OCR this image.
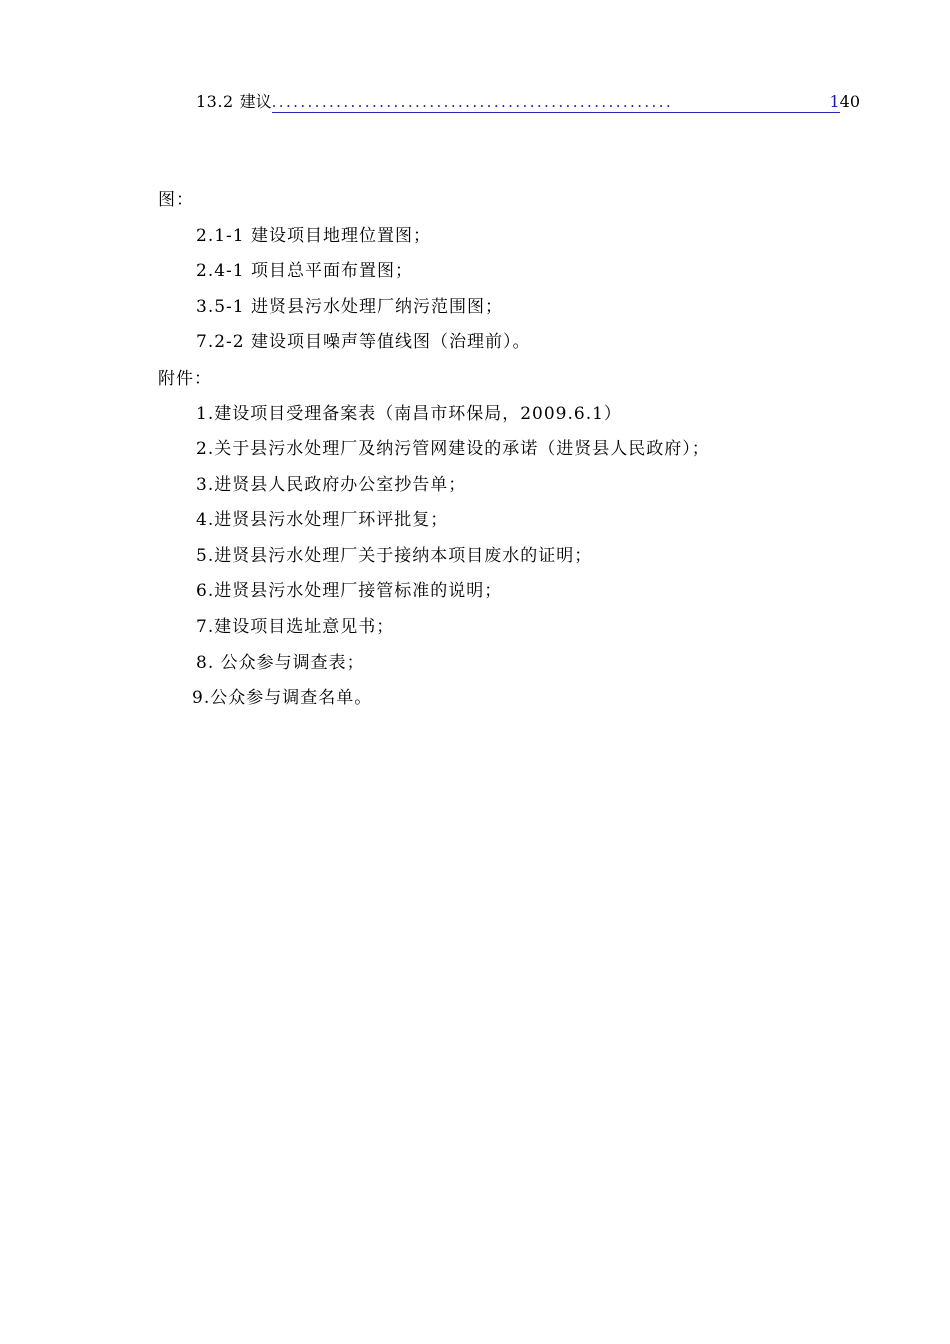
13.2 建议 ........................................................	1 40
图：
2.1-1 建设项目地理位置图；
2.4-1 项目总平面布置图；
3.5-1 进贤县污水处理厂纳污范围图；
7.2-2 建设项目噪声等值线图（治理前）。
附件：
1.建设项目受理备案表（南昌市环保局，2009.6.1）
2.关于县污水处理厂及纳污管网建设的承诺（进贤县人民政府）；
3.进贤县人民政府办公室抄告单；
4.进贤县污水处理厂环评批复；
5.进贤县污水处理厂关于接纳本项目废水的证明；
6.进贤县污水处理厂接管标准的说明；
7.建设项目选址意见书；
8. 公众参与调查表；
9.公众参与调查名单。
